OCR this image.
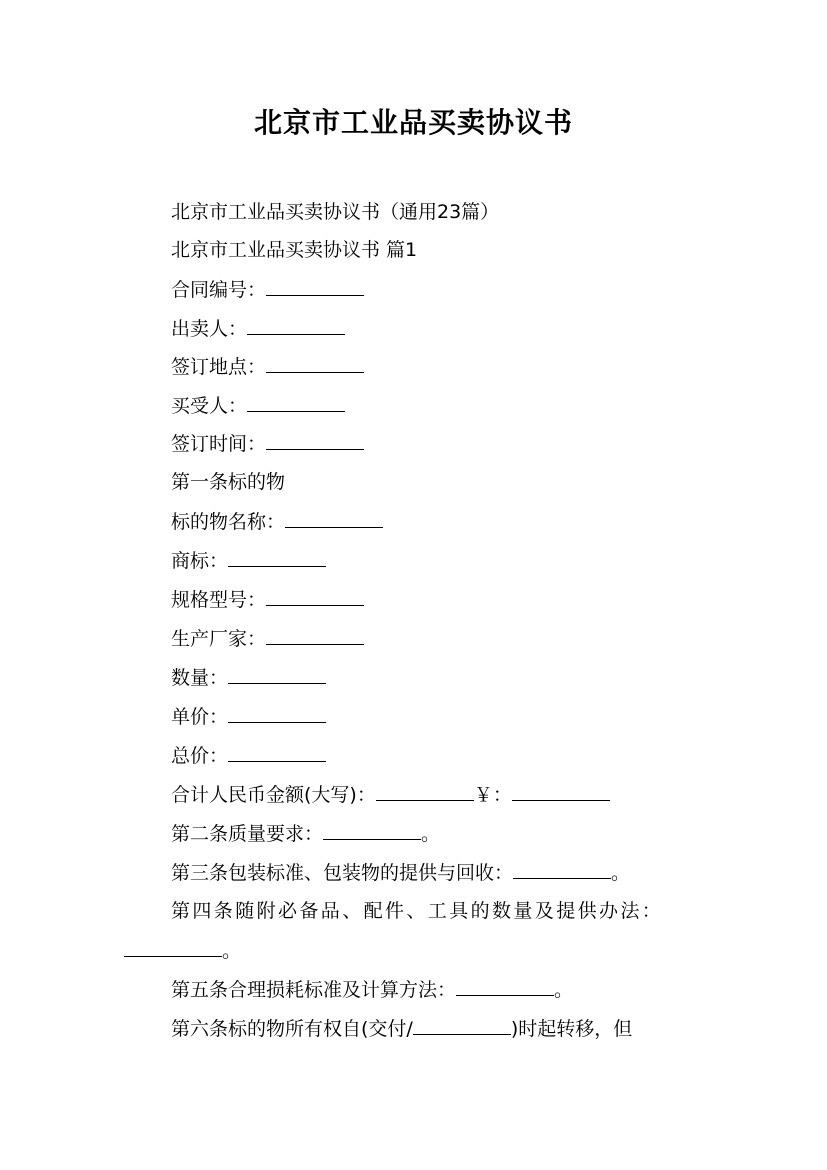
北京市工业品买卖协议书
北京市工业品买卖协议书（通用23篇）
北京市工业品买卖协议书 篇1
合同编号：
出卖人：
签订地点：
买受人：
签订时间：
第一条标的物
标的物名称：
商标：
规格型号：
生产厂家：
数量：
单价：
总价：
合计人民币金额(大写)：	￥：
第二条质量要求：	。
第三条包装标准、包装物的提供与回收：	。
第四条随附必备品、配件、工具的数量及提供办法：
。
第五条合理损耗标准及计算方法：	。
第六条标的物所有权自(交付/	)时起转移，但
